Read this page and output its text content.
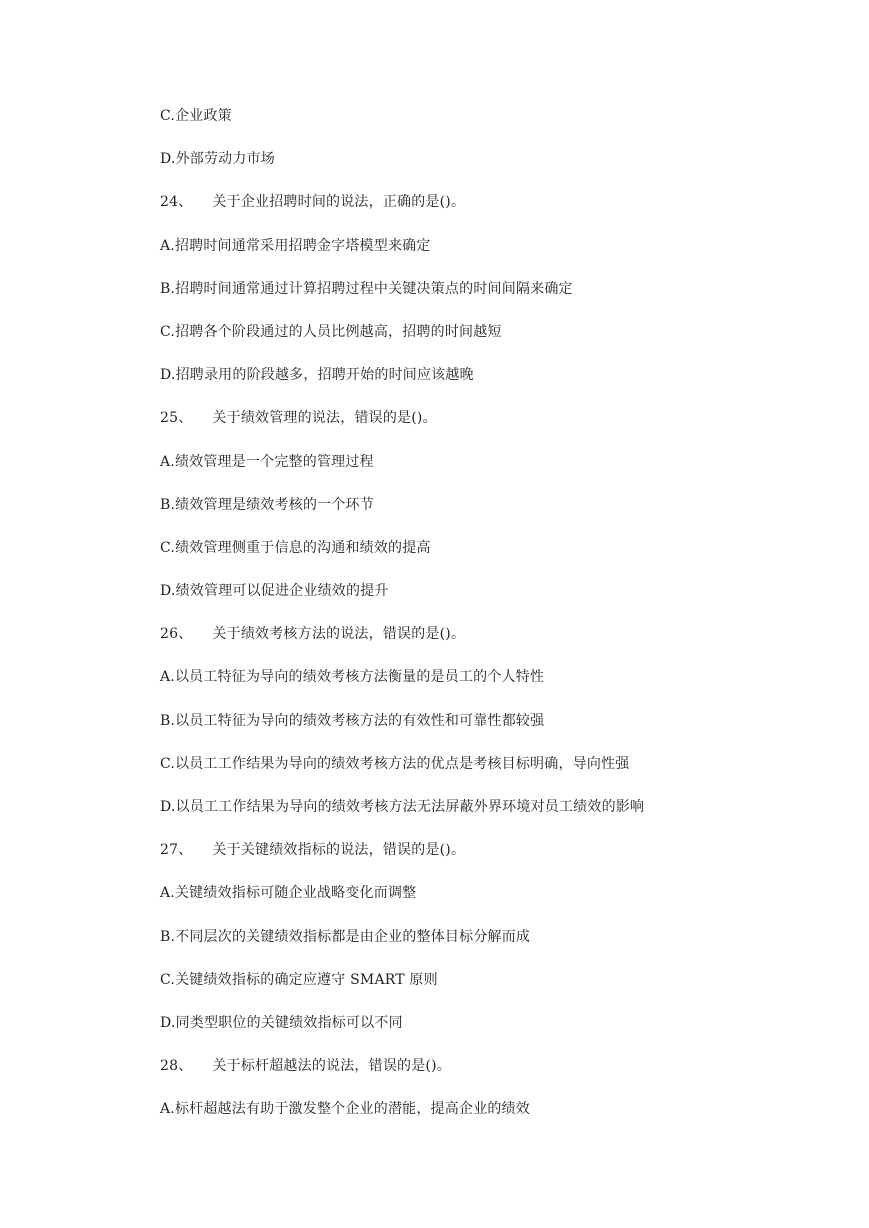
C.企业政策
D.外部劳动力市场
24、 关于企业招聘时间的说法，正确的是()。
A.招聘时间通常采用招聘金字塔模型来确定
B.招聘时间通常通过计算招聘过程中关键决策点的时间间隔来确定
C.招聘各个阶段通过的人员比例越高，招聘的时间越短
D.招聘录用的阶段越多，招聘开始的时间应该越晚
25、 关于绩效管理的说法，错误的是()。
A.绩效管理是一个完整的管理过程
B.绩效管理是绩效考核的一个环节
C.绩效管理侧重于信息的沟通和绩效的提高
D.绩效管理可以促进企业绩效的提升
26、 关于绩效考核方法的说法，错误的是()。
A.以员工特征为导向的绩效考核方法衡量的是员工的个人特性
B.以员工特征为导向的绩效考核方法的有效性和可靠性都较强
C.以员工工作结果为导向的绩效考核方法的优点是考核目标明确，导向性强
D.以员工工作结果为导向的绩效考核方法无法屏蔽外界环境对员工绩效的影响
27、 关于关键绩效指标的说法，错误的是()。
A.关键绩效指标可随企业战略变化而调整
B.不同层次的关键绩效指标都是由企业的整体目标分解而成
C.关键绩效指标的确定应遵守 SMART 原则
D.同类型职位的关键绩效指标可以不同
28、 关于标杆超越法的说法，错误的是()。
A.标杆超越法有助于激发整个企业的潜能，提高企业的绩效
